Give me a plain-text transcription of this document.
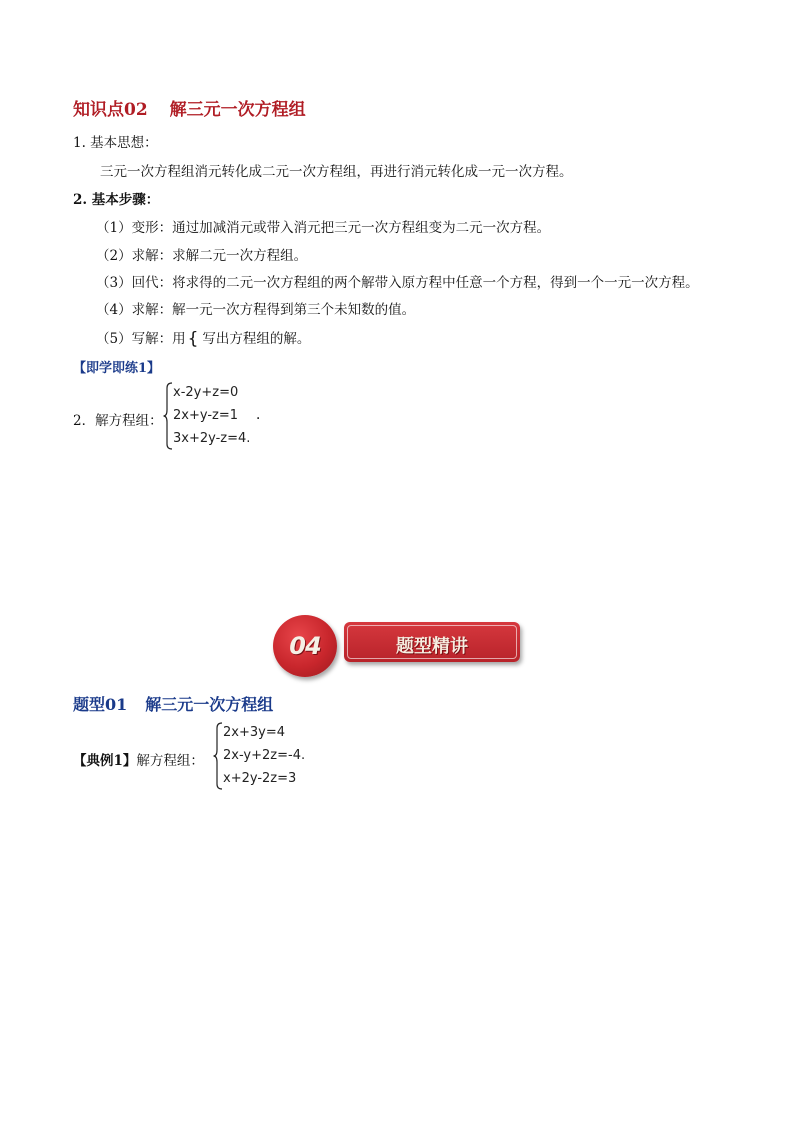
知识点02 解三元一次方程组
1. 基本思想：
三元一次方程组消元转化成二元一次方程组，再进行消元转化成一元一次方程。
2. 基本步骤：
（1）变形：通过加减消元或带入消元把三元一次方程组变为二元一次方程。
（2）求解：求解二元一次方程组。
（3）回代：将求得的二元一次方程组的两个解带入原方程中任意一个方程，得到一个一元一次方程。
（4）求解：解一元一次方程得到第三个未知数的值。
（5）写解：用 { 写出方程组的解。
【即学即练1】
2．解方程组：
x-2y+z=0
2x+y-z=1
3x+2y-z=4.
.
04	题型精讲
题型01 解三元一次方程组
【典例1】解方程组：
2x+3y=4
2x-y+2z=-4.
x+2y-2z=3
